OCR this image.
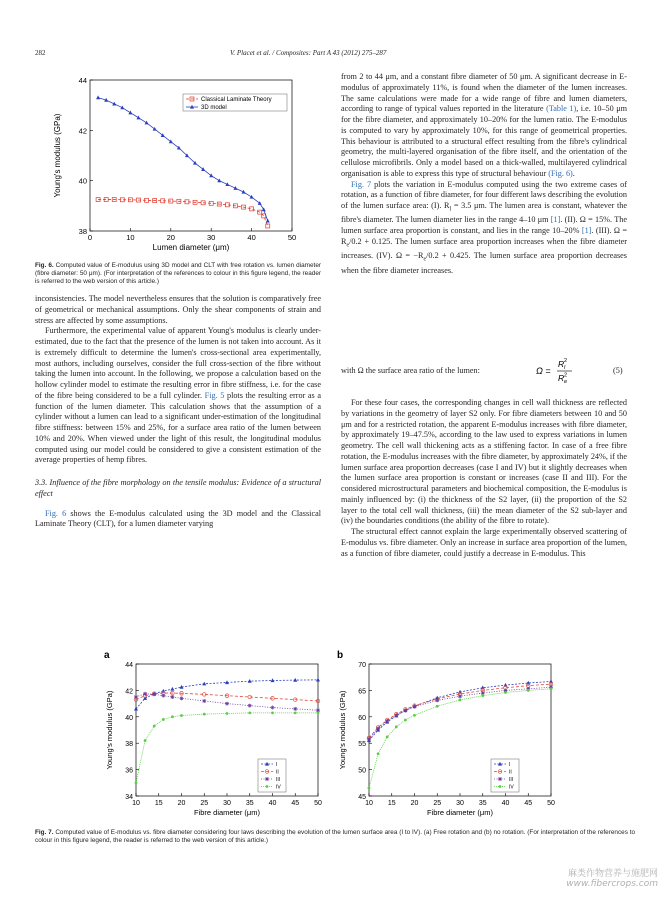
282	V. Placet et al. / Composites: Part A 43 (2012) 275–287
0	10	20	30	40	50
38
40
42
44
Lumen diameter (μm)
Young's modulus (GPa)
Classical Laminate Theory
3D model
Fig. 6. Computed value of E-modulus using 3D model and CLT with free rotation vs. lumen diameter (fibre diameter: 50 μm). (For interpretation of the references to colour in this figure legend, the reader is referred to the web version of this article.)

inconsistencies. The model nevertheless ensures that the solution is comparatively free of geometrical or mechanical assumptions. Only the shear components of strain and stress are affected by some assumptions.

Furthermore, the experimental value of apparent Young's modulus is clearly under-estimated, due to the fact that the presence of the lumen is not taken into account. As it is extremely difficult to determine the lumen's cross-sectional area experimentally, most authors, including ourselves, consider the full cross-section of the fibre without taking the lumen into account. In the following, we propose a calculation based on the hollow cylinder model to estimate the resulting error in fibre stiffness, i.e. for the case of the fibre being considered to be a full cylinder. Fig. 5 plots the resulting error as a function of the lumen diameter. This calculation shows that the assumption of a cylinder without a lumen can lead to a significant under-estimation of the longitudinal fibre stiffness: between 15% and 25%, for a surface area ratio of the lumen between 10% and 20%. When viewed under the light of this result, the longitudinal modulus computed using our model could be considered to give a consistent estimation of the average properties of hemp fibres.

3.3. Influence of the fibre morphology on the tensile modulus: Evidence of a structural effect

Fig. 6 shows the E-modulus calculated using the 3D model and the Classical Laminate Theory (CLT), for a lumen diameter varying

from 2 to 44 μm, and a constant fibre diameter of 50 μm. A significant decrease in E-modulus of approximately 11%, is found when the diameter of the lumen increases. The same calculations were made for a wide range of fibre and lumen diameters, according to range of typical values reported in the literature (Table 1), i.e. 10–50 μm for the fibre diameter, and approximately 10–20% for the lumen ratio. The E-modulus is computed to vary by approximately 10%, for this range of geometrical properties. This behaviour is attributed to a structural effect resulting from the fibre's cylindrical geometry, the multi-layered organisation of the fibre itself, and the orientation of the cellulose microfibrils. Only a model based on a thick-walled, multilayered cylindrical organisation is able to express this type of structural behaviour (Fig. 6).

Fig. 7 plots the variation in E-modulus computed using the two extreme cases of rotation, as a function of fibre diameter, for four different laws describing the evolution of the lumen surface area: (I). $R_l = 3.5$ μm. The lumen area is constant, whatever the fibre's diameter. The lumen diameter lies in the range 4–10 μm [1]. (II). Ω = 15%. The lumen surface area proportion is constant, and lies in the range 10–20% [1]. (III). $\Omega = R_e/0.2 + 0.125$. The lumen surface area proportion increases when the fibre diameter increases. (IV). $\Omega = -R_e/0.2 + 0.425$. The lumen surface area proportion decreases when the fibre diameter increases.

with Ω the surface area ratio of the lumen:	Ω =
R l
2
R e
2
(5)

For these four cases, the corresponding changes in cell wall thickness are reflected by variations in the geometry of layer S2 only. For fibre diameters between 10 and 50 μm and for a restricted rotation, the apparent E-modulus increases with fibre diameter, by approximately 19–47.5%, according to the law used to express variations in lumen geometry. The cell wall thickening acts as a stiffening factor. In case of a free fibre rotation, the E-modulus increases with the fibre diameter, by approximately 24%, if the lumen surface area proportion decreases (case I and IV) but it slightly decreases when the lumen surface area proportion is constant or increases (case II and III). For the considered microstructural parameters and biochemical composition, the E-modulus is mainly influenced by: (i) the thickness of the S2 layer, (ii) the proportion of the S2 layer to the total cell wall thickness, (iii) the mean diameter of the S2 sub-layer and (iv) the boundaries conditions (the ability of the fibre to rotate).

The structural effect cannot explain the large experimentally observed scattering of E-modulus vs. fibre diameter. Only an increase in surface area proportion of the lumen, as a function of fibre diameter, could justify a decrease in E-modulus. This

a
10 15 20 25 30 35 40 45 50
34
36
38
40
42
44
Fibre diameter (μm)
Young's modulus (GPa)	I
II
III
IV
b
10 15 20 25 30 35 40 45 50
45
50
55
60
65
70
Fibre diameter (μm)
Young's modulus (GPa)	I
II
III
IV
Fig. 7. Computed value of E-modulus vs. fibre diameter considering four laws describing the evolution of the lumen surface area (I to IV). (a) Free rotation and (b) no rotation. (For interpretation of the references to colour in this figure legend, the reader is referred to the web version of this article.)
麻类作物营养与施肥网
www.fibercrops.com
